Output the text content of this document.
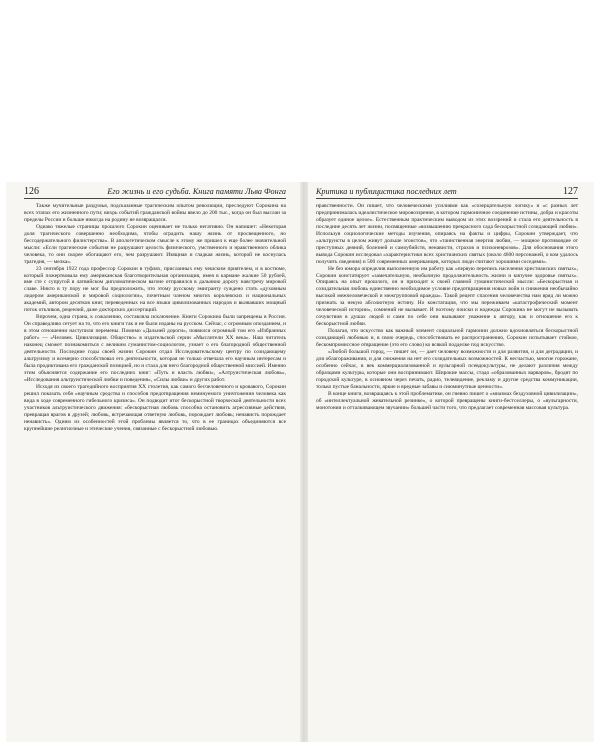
126	Его жизнь и его судьба. Книга памяти Льва Фонга

Также мучительные раздумья, подсказанные трагическим опытом революции, преследуют Сорокина на всех этапах его жизненного пути; вихрь событий гражданской войны ввело до 200 тыс., когда он был выслан за пределы России и больше никогда на родину не возвращался.

Однако тяжелые страницы прошлого Сорокин оценивает не только негативно. Он напишет: «Некоторая доля трагического совершенно необходима, чтобы оградить нашу жизнь от просвещенного, но бессодержательного филистерства». В апологетическом смысле к этому же пришел к еще более значительной мысли: «Если трагические события не разрушают целость физического, умственного и нравственного облика человека, то они скорее обогащают его, чем разрушают. Изящная и гладкая жизнь, которой не коснулась трагедия, — мелка».

23 сентября 1922 года профессор Сорокин в туфлях, присланных ему чешским приятелем, и в костюме, который пожертвовала ему американская благотворительная организация, имея в кармане жалкие 50 рублей, вме сте с супругой в латвийском дипломатическом вагоне отправился в дальнюю дорогу навстречу мировой славе. Никто в ту пору не мог бы предположить, что этому русскому эмигранту суждено стать «духовным лидером американской и мировой социологии», почетным членом многих королевских и национальных академий, автором десятков книг, переведенных на все языки цивилизованных народов и вызвавших мощный поток откликов, рецензий, даже докторских диссертаций.

Впрочем, одна страна, к сожалению, составляла исключение. Книги Сорокина были запрещены в России. Он справедливо сетует на то, что его книги так и не были изданы на русском. Сейчас, с огромным опозданием, и в этом отношении наступили перемены. Помимо «Дальней дороги», появился огромный том его «Избранных работ» — «Человек. Цивилизация. Общество» в издательской серии «Мыслители XX века». Наш читатель наконец сможет познакомиться с великим гуманистом-социологом, узнает о его благородной общественной деятельности. Последние годы своей жизни Сорокин отдал Исследовательскому центру по созидающему альтруизму и всемерно способствовал его деятельности, которая не только отвечала его научным интересам и была продиктована его гражданской позицией, но и стала для него благородной общественной миссией. Именно этим объясняется содержание его последних книг: «Путь и власть любви», «Алтруистическая любовь», «Исследования альтруистической любви и поведения», «Силы любви» и других работ.

Исходя из своего трагедийного восприятия XX столетия, как самого бесчеловечного и кровавого, Сорокин решил показать себя «научным средства и способов предотвращения неминуемого уничтожения человека как вида в ходе современного гибельного кризиса». Он подводит итог бескорыстной творческой деятельности всех участников альтруистического движения: «бескорыстная любовь способна остановить агрессивные действия, превращая врагов в друзей; любовь, встречающая ответную любовь, порождает любовь; ненависть порождает ненависть». Одним из особенностей этой проблемы является то, что в ее границах объединяются все крупнейшие религиозные и этические учения, связанные с бескорыстной любовью.

Критика и публицистика последних лет	127

нравственности. Он пишет, что человеческими усилиями как «созерцательную логику» и «с разных лет предпринималась идеалистическое мировоззрение, в котором гармоничное соединение истины, добра и красоты образует единое целое». Естественным практическим выводом из этих воззрений и стала его деятельность в последние десять лет жизни, посвященные «возвышению прекрасного сада бескорыстной созидающей любви». Используя социологические методы изучения, опираясь на факты и цифры, Сорокин утверждает, что «альтруисты в целом живут дольше эгоистов», что «таинственная энергия любви, — мощное противоядие от преступных деяний, болезней и самоубийств, ненависти, страхов и психоневрозов». Для обоснования этого вывода Сорокин исследовал «характеристики всех христианских святых (около 4600 персонажей, о ком удалось получить сведения) и 500 современных американцев, которых люди считают хорошими соседями».

Не без юмора определив выполненную им работу как «первую перепись населения христианских святых», Сорокин констатирует «замечательную, необычную продолжительность жизни и кипучее здоровье святых». Опираясь на опыт прошлого, он и приходит к своей главной гуманистической мысли: «Бескорыстная и созидательная любовь единственно необходимое условие предотвращения новых войн и снижения необычайно высокой межчеловеческой и межгрупповой вражды». Такой рецепт спасения человечества нам вряд ли можно признать за некую абсолютную истину. Но констатация, что мы переживаем «катастрофический момент человеческой истории», сомнений не вызывает. И поэтому поиски и надежды Сорокина не могут не вызывать сочувствия в душах людей и сами по себе они вызывают уважение к автору, как и отношение его к бескорыстной любви.

Полагая, что искусство как важный элемент социальной гармонии должно вдохновляться бескорыстной созидающей любовью и, в свою очередь, способствовать ее распространению, Сорокин испытывает стойкое, бескомпромиссное отвращение (это его слово) ко всякой подделке под искусство.

«Любой большой город, — пишет он, — дает человеку возможности и для развития, и для деградации, и для облагораживания, и для снижения на нет его созидательных возможностей. К несчастью, многие горожане, особенно сейчас, в век коммерциализованной и вульгарной псевдокультуры, не делают различия между образцами культуры, которые они воспринимают. Широкие массы, стадо «образованных варваров», бродят по городской культуре, в основном через печать, радио, телевидение, рекламу и другие средства коммуникации, только пустые банальности, яркие и вредные забавы и сиюминутные ценности».

В конце книги, возвращаясь к этой проблематике, он гневно пишет о «миазмах бездуховной цивилизации», об «интеллектуальной жевательной резинке», о которой превращены книги-бестселлеры, о «вульгарности, монотонии и отталкивающем звучании» большей части того, что предлагает современная массовая культура.
